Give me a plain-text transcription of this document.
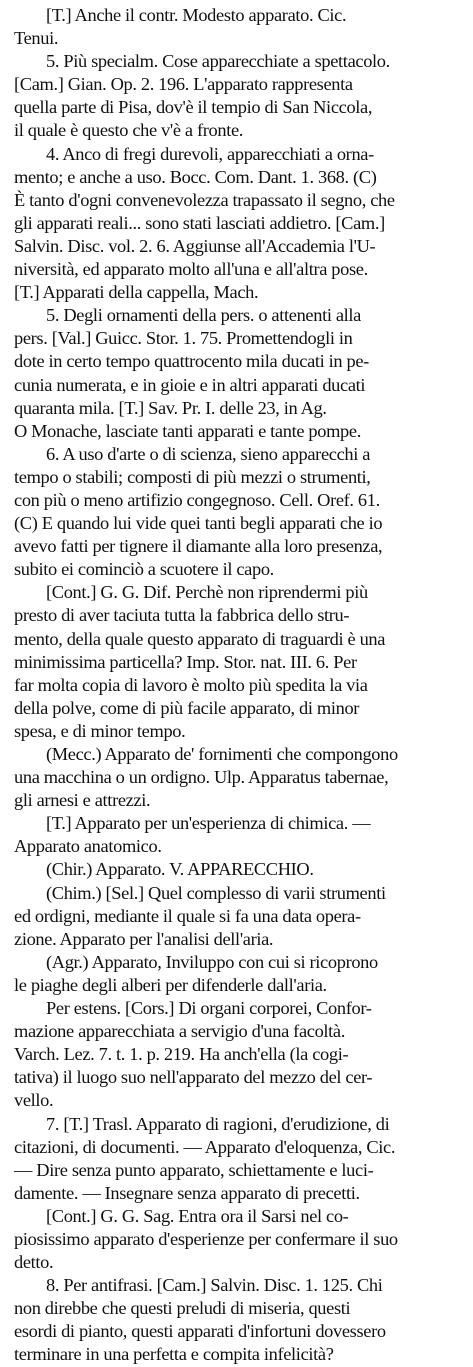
[T.] Anche il contr. Modesto apparato. Cic.
Tenui.
5. Più specialm. Cose apparecchiate a spettacolo.
[Cam.] Gian. Op. 2. 196. L'apparato rappresenta
quella parte di Pisa, dov'è il tempio di San Niccola,
il quale è questo che v'è a fronte.
4. Anco di fregi durevoli, apparecchiati a orna-
mento; e anche a uso. Bocc. Com. Dant. 1. 368. (C)
È tanto d'ogni convenevolezza trapassato il segno, che
gli apparati reali... sono stati lasciati addietro. [Cam.]
Salvin. Disc. vol. 2. 6. Aggiunse all'Accademia l'U-
niversità, ed apparato molto all'una e all'altra pose.
[T.] Apparati della cappella, Mach.
5. Degli ornamenti della pers. o attenenti alla
pers. [Val.] Guicc. Stor. 1. 75. Promettendogli in
dote in certo tempo quattrocento mila ducati in pe-
cunia numerata, e in gioie e in altri apparati ducati
quaranta mila. [T.] Sav. Pr. I. delle 23, in Ag.
O Monache, lasciate tanti apparati e tante pompe.
6. A uso d'arte o di scienza, sieno apparecchi a
tempo o stabili; composti di più mezzi o strumenti,
con più o meno artifizio congegnoso. Cell. Oref. 61.
(C) E quando lui vide quei tanti begli apparati che io
avevo fatti per tignere il diamante alla loro presenza,
subito ei cominciò a scuotere il capo.
[Cont.] G. G. Dif. Perchè non riprendermi più
presto di aver taciuta tutta la fabbrica dello stru-
mento, della quale questo apparato di traguardi è una
minimissima particella? Imp. Stor. nat. III. 6. Per
far molta copia di lavoro è molto più spedita la via
della polve, come di più facile apparato, di minor
spesa, e di minor tempo.
(Mecc.) Apparato de' fornimenti che compongono
una macchina o un ordigno. Ulp. Apparatus tabernae,
gli arnesi e attrezzi.
[T.] Apparato per un'esperienza di chimica. —
Apparato anatomico.
(Chir.) Apparato. V. APPARECCHIO.
(Chim.) [Sel.] Quel complesso di varii strumenti
ed ordigni, mediante il quale si fa una data opera-
zione. Apparato per l'analisi dell'aria.
(Agr.) Apparato, Inviluppo con cui si ricoprono
le piaghe degli alberi per difenderle dall'aria.
Per estens. [Cors.] Di organi corporei, Confor-
mazione apparecchiata a servigio d'una facoltà.
Varch. Lez. 7. t. 1. p. 219. Ha anch'ella (la cogi-
tativa) il luogo suo nell'apparato del mezzo del cer-
vello.
7. [T.] Trasl. Apparato di ragioni, d'erudizione, di
citazioni, di documenti. — Apparato d'eloquenza, Cic.
— Dire senza punto apparato, schiettamente e luci-
damente. — Insegnare senza apparato di precetti.
[Cont.] G. G. Sag. Entra ora il Sarsi nel co-
piosissimo apparato d'esperienze per confermare il suo
detto.
8. Per antifrasi. [Cam.] Salvin. Disc. 1. 125. Chi
non direbbe che questi preludi di miseria, questi
esordi di pianto, questi apparati d'infortuni dovessero
terminare in una perfetta e compita infelicità?
